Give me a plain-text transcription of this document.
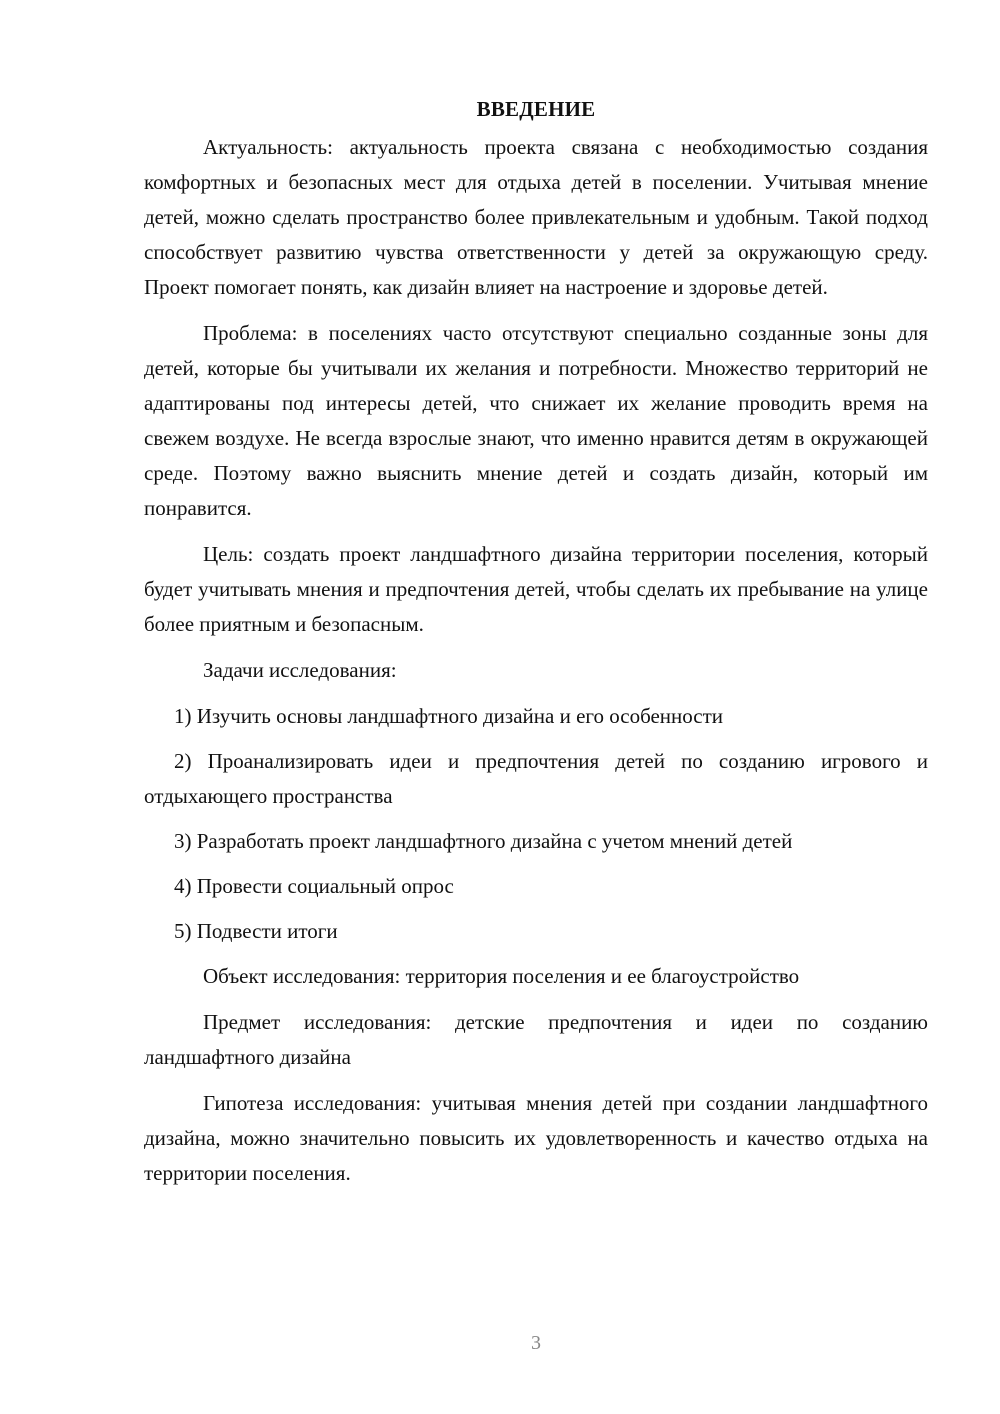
ВВЕДЕНИЕ

Актуальность: актуальность проекта связана с необходимостью создания комфортных и безопасных мест для отдыха детей в поселении. Учитывая мнение детей, можно сделать пространство более привлекательным и удобным. Такой подход способствует развитию чувства ответственности у детей за окружающую среду. Проект помогает понять, как дизайн влияет на настроение и здоровье детей.

Проблема: в поселениях часто отсутствуют специально созданные зоны для детей, которые бы учитывали их желания и потребности. Множество территорий не адаптированы под интересы детей, что снижает их желание проводить время на свежем воздухе. Не всегда взрослые знают, что именно нравится детям в окружающей среде. Поэтому важно выяснить мнение детей и создать дизайн, который им понравится.

Цель: создать проект ландшафтного дизайна территории поселения, который будет учитывать мнения и предпочтения детей, чтобы сделать их пребывание на улице более приятным и безопасным.

Задачи исследования:

1) Изучить основы ландшафтного дизайна и его особенности

2) Проанализировать идеи и предпочтения детей по созданию игрового и отдыхающего пространства

3) Разработать проект ландшафтного дизайна с учетом мнений детей

4) Провести социальный опрос

5) Подвести итоги

Объект исследования: территория поселения и ее благоустройство

Предмет исследования: детские предпочтения и идеи по созданию ландшафтного дизайна

Гипотеза исследования: учитывая мнения детей при создании ландшафтного дизайна, можно значительно повысить их удовлетворенность и качество отдыха на территории поселения.

3
